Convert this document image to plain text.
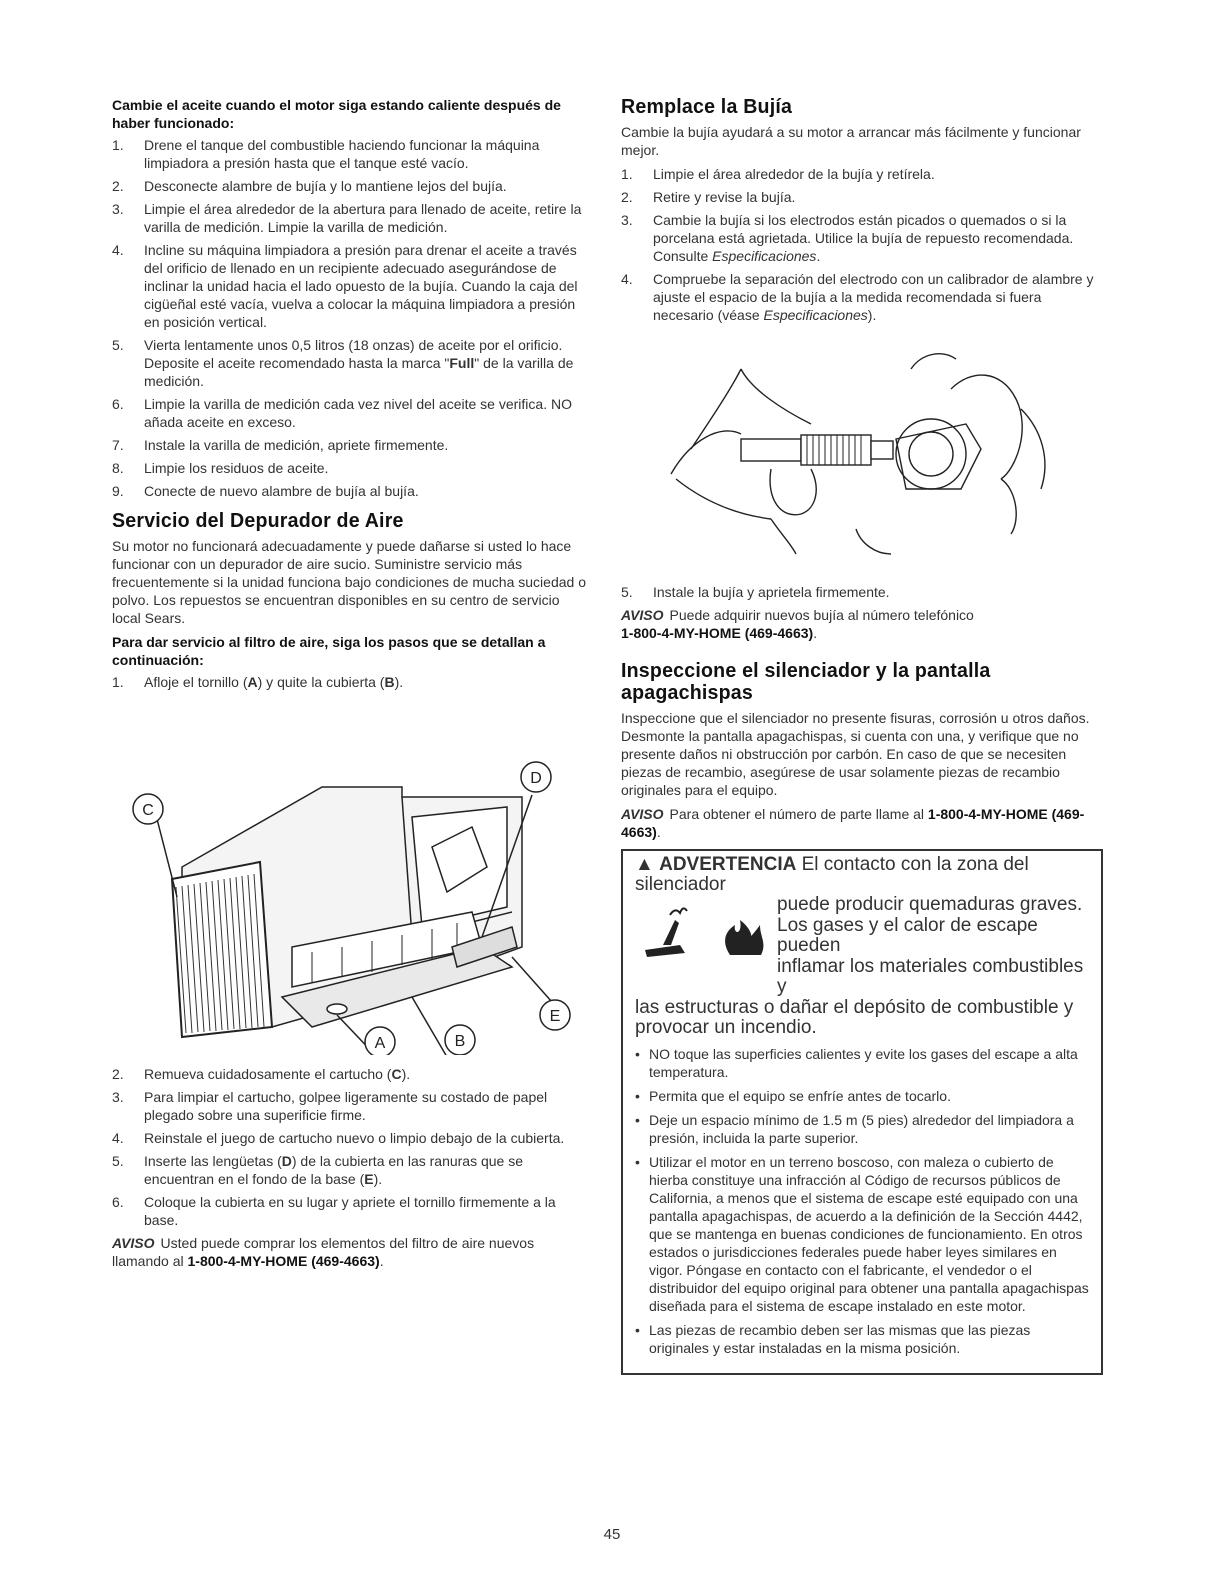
Cambie el aceite cuando el motor siga estando caliente después de haber funcionado:
1. Drene el tanque del combustible haciendo funcionar la máquina limpiadora a presión hasta que el tanque esté vacío.
2. Desconecte alambre de bujía y lo mantiene lejos del bujía.
3. Limpie el área alrededor de la abertura para llenado de aceite, retire la varilla de medición. Limpie la varilla de medición.
4. Incline su máquina limpiadora a presión para drenar el aceite a través del orificio de llenado en un recipiente adecuado asegurándose de inclinar la unidad hacia el lado opuesto de la bujía. Cuando la caja del cigüeñal esté vacía, vuelva a colocar la máquina limpiadora a presión en posición vertical.
5. Vierta lentamente unos 0,5 litros (18 onzas) de aceite por el orificio. Deposite el aceite recomendado hasta la marca "Full" de la varilla de medición.
6. Limpie la varilla de medición cada vez nivel del aceite se verifica. NO añada aceite en exceso.
7. Instale la varilla de medición, apriete firmemente.
8. Limpie los residuos de aceite.
9. Conecte de nuevo alambre de bujía al bujía.
Servicio del Depurador de Aire

Su motor no funcionará adecuadamente y puede dañarse si usted lo hace funcionar con un depurador de aire sucio. Suministre servicio más frecuentemente si la unidad funciona bajo condiciones de mucha suciedad o polvo. Los repuestos se encuentran disponibles en su centro de servicio local Sears.

Para dar servicio al filtro de aire, siga los pasos que se detallan a continuación:
1. Afloje el tornillo (A) y quite la cubierta (B).
C
D
E
A	B
2. Remueva cuidadosamente el cartucho (C).
3. Para limpiar el cartucho, golpee ligeramente su costado de papel plegado sobre una superificie firme.
4. Reinstale el juego de cartucho nuevo o limpio debajo de la cubierta.
5. Inserte las lengüetas (D) de la cubierta en las ranuras que se encuentran en el fondo de la base (E).
6. Coloque la cubierta en su lugar y apriete el tornillo firmemente a la base.
AVISO Usted puede comprar los elementos del filtro de aire nuevos llamando al 1-800-4-MY-HOME (469-4663).
Remplace la Bujía

Cambie la bujía ayudará a su motor a arrancar más fácilmente y funcionar mejor.

1. Limpie el área alrededor de la bujía y retírela.
2. Retire y revise la bujía.
3. Cambie la bujía si los electrodos están picados o quemados o si la porcelana está agrietada. Utilice la bujía de repuesto recomendada. Consulte Especificaciones.
4. Compruebe la separación del electrodo con un calibrador de alambre y ajuste el espacio de la bujía a la medida recomendada si fuera necesario (véase Especificaciones).
5. Instale la bujía y aprietela firmemente.
AVISO Puede adquirir nuevos bujía al número telefónico
1-800-4-MY-HOME (469-4663).
Inspeccione el silenciador y la pantalla apagachispas

Inspeccione que el silenciador no presente fisuras, corrosión u otros daños. Desmonte la pantalla apagachispas, si cuenta con una, y verifique que no presente daños ni obstrucción por carbón. En caso de que se necesiten piezas de recambio, asegúrese de usar solamente piezas de recambio originales para el equipo.

AVISO Para obtener el número de parte llame al 1-800-4-MY-HOME (469-4663).
▲ ADVERTENCIA El contacto con la zona del silenciador
puede producir quemaduras graves.
Los gases y el calor de escape pueden
inflamar los materiales combustibles y
las estructuras o dañar el depósito de combustible y provocar un incendio.
• NO toque las superficies calientes y evite los gases del escape a alta temperatura.
• Permita que el equipo se enfríe antes de tocarlo.
• Deje un espacio mínimo de 1.5 m (5 pies) alrededor del limpiadora a presión, incluida la parte superior.
• Utilizar el motor en un terreno boscoso, con maleza o cubierto de hierba constituye una infracción al Código de recursos públicos de California, a menos que el sistema de escape esté equipado con una pantalla apagachispas, de acuerdo a la definición de la Sección 4442, que se mantenga en buenas condiciones de funcionamiento. En otros estados o jurisdicciones federales puede haber leyes similares en vigor. Póngase en contacto con el fabricante, el vendedor o el distribuidor del equipo original para obtener una pantalla apagachispas diseñada para el sistema de escape instalado en este motor.
• Las piezas de recambio deben ser las mismas que las piezas originales y estar instaladas en la misma posición.
45
